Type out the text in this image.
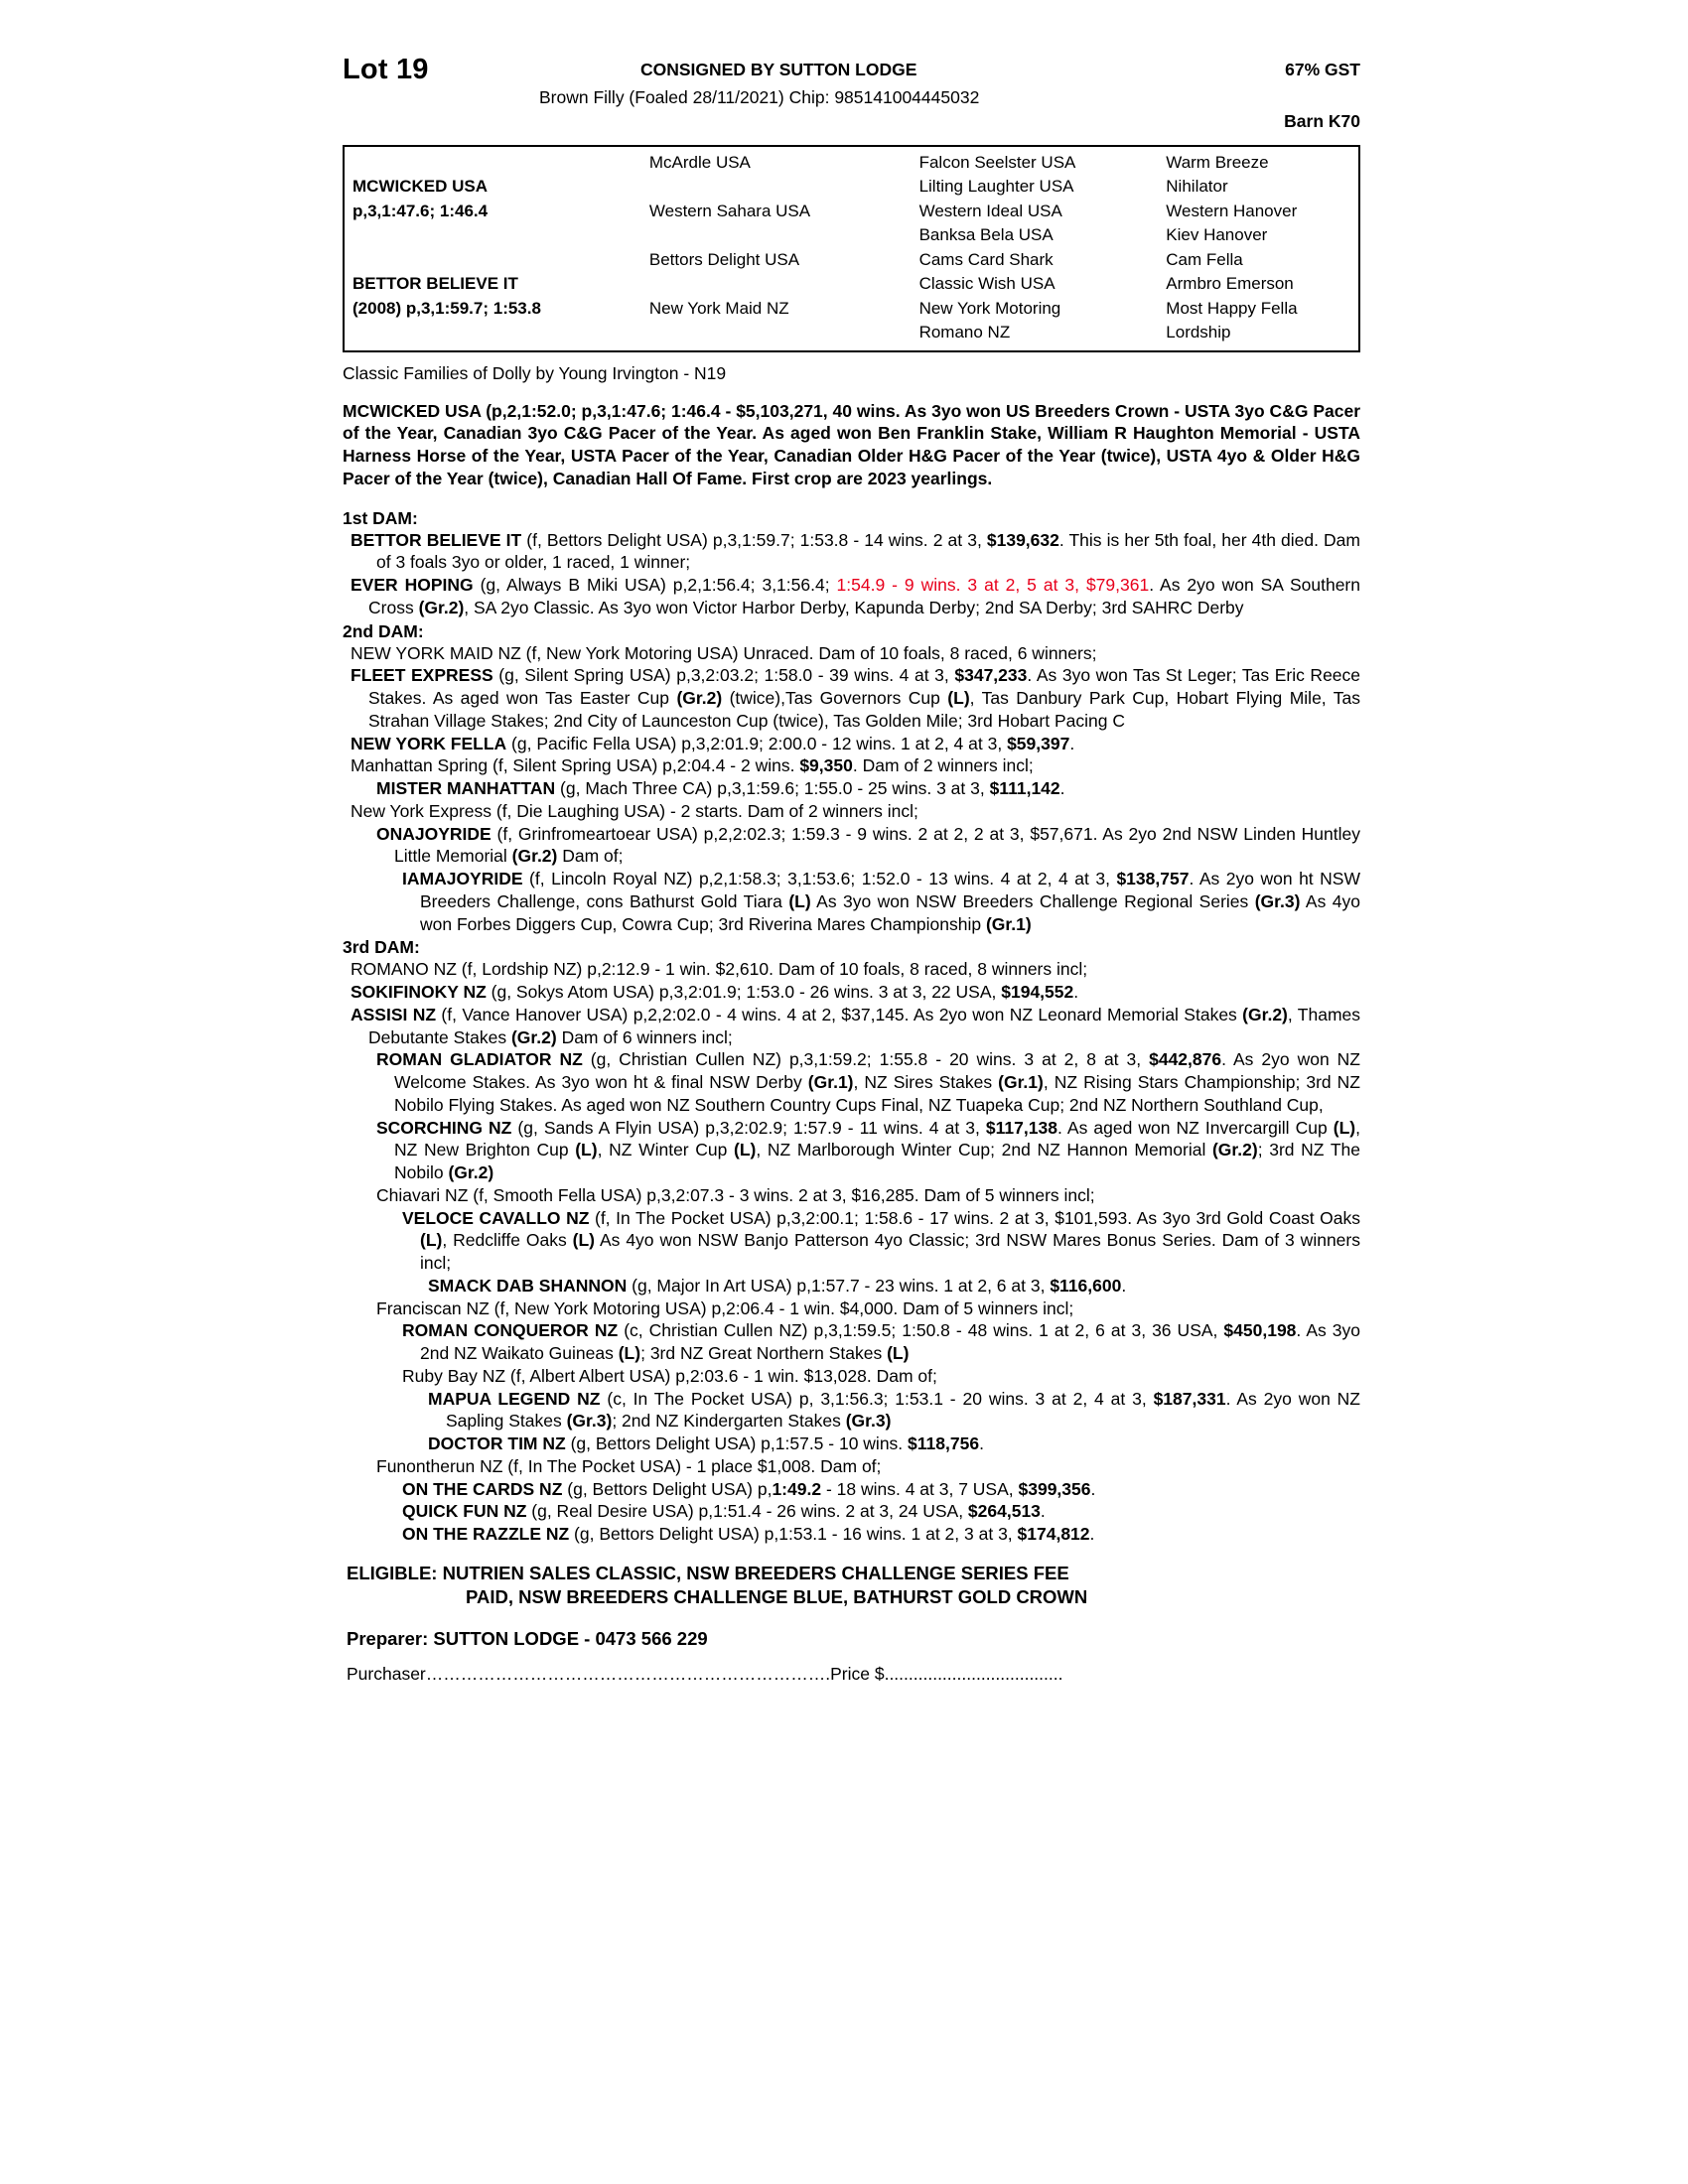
Lot 19	CONSIGNED BY SUTTON LODGE	67% GST
Brown Filly (Foaled 28/11/2021) Chip: 985141004445032
Barn K70
	McArdle USA	Falcon Seelster USA	Warm Breeze
MCWICKED USA		Lilting Laughter USA	Nihilator
p,3,1:47.6; 1:46.4	Western Sahara USA	Western Ideal USA	Western Hanover
		Banksa Bela USA	Kiev Hanover
	Bettors Delight USA	Cams Card Shark	Cam Fella
BETTOR BELIEVE IT		Classic Wish USA	Armbro Emerson
(2008) p,3,1:59.7; 1:53.8	New York Maid NZ	New York Motoring	Most Happy Fella
		Romano NZ	Lordship
Classic Families of Dolly by Young Irvington - N19
MCWICKED USA (p,2,1:52.0; p,3,1:47.6; 1:46.4 - $5,103,271, 40 wins. As 3yo won US Breeders Crown - USTA 3yo C&G Pacer of the Year, Canadian 3yo C&G Pacer of the Year. As aged won Ben Franklin Stake, William R Haughton Memorial - USTA Harness Horse of the Year, USTA Pacer of the Year, Canadian Older H&G Pacer of the Year (twice), USTA 4yo & Older H&G Pacer of the Year (twice), Canadian Hall Of Fame. First crop are 2023 yearlings.
1st DAM:
BETTOR BELIEVE IT (f, Bettors Delight USA) p,3,1:59.7; 1:53.8 - 14 wins. 2 at 3, $139,632. This is her 5th foal, her 4th died. Dam of 3 foals 3yo or older, 1 raced, 1 winner;
EVER HOPING (g, Always B Miki USA) p,2,1:56.4; 3,1:56.4; 1:54.9 - 9 wins. 3 at 2, 5 at 3, $79,361. As 2yo won SA Southern Cross (Gr.2), SA 2yo Classic. As 3yo won Victor Harbor Derby, Kapunda Derby; 2nd SA Derby; 3rd SAHRC Derby
2nd DAM:
NEW YORK MAID NZ (f, New York Motoring USA) Unraced. Dam of 10 foals, 8 raced, 6 winners;
FLEET EXPRESS (g, Silent Spring USA) p,3,2:03.2; 1:58.0 - 39 wins. 4 at 3, $347,233. As 3yo won Tas St Leger; Tas Eric Reece Stakes. As aged won Tas Easter Cup (Gr.2) (twice),Tas Governors Cup (L), Tas Danbury Park Cup, Hobart Flying Mile, Tas Strahan Village Stakes; 2nd City of Launceston Cup (twice), Tas Golden Mile; 3rd Hobart Pacing C
NEW YORK FELLA (g, Pacific Fella USA) p,3,2:01.9; 2:00.0 - 12 wins. 1 at 2, 4 at 3, $59,397.
Manhattan Spring (f, Silent Spring USA) p,2:04.4 - 2 wins. $9,350. Dam of 2 winners incl;
MISTER MANHATTAN (g, Mach Three CA) p,3,1:59.6; 1:55.0 - 25 wins. 3 at 3, $111,142.
New York Express (f, Die Laughing USA) - 2 starts. Dam of 2 winners incl;
ONAJOYRIDE (f, Grinfromeartoear USA) p,2,2:02.3; 1:59.3 - 9 wins. 2 at 2, 2 at 3, $57,671. As 2yo 2nd NSW Linden Huntley Little Memorial (Gr.2) Dam of;
IAMAJOYRIDE (f, Lincoln Royal NZ) p,2,1:58.3; 3,1:53.6; 1:52.0 - 13 wins. 4 at 2, 4 at 3, $138,757. As 2yo won ht NSW Breeders Challenge, cons Bathurst Gold Tiara (L) As 3yo won NSW Breeders Challenge Regional Series (Gr.3) As 4yo won Forbes Diggers Cup, Cowra Cup; 3rd Riverina Mares Championship (Gr.1)
3rd DAM:
ROMANO NZ (f, Lordship NZ) p,2:12.9 - 1 win. $2,610. Dam of 10 foals, 8 raced, 8 winners incl;
SOKIFINOKY NZ (g, Sokys Atom USA) p,3,2:01.9; 1:53.0 - 26 wins. 3 at 3, 22 USA, $194,552.
ASSISI NZ (f, Vance Hanover USA) p,2,2:02.0 - 4 wins. 4 at 2, $37,145. As 2yo won NZ Leonard Memorial Stakes (Gr.2), Thames Debutante Stakes (Gr.2) Dam of 6 winners incl;
ROMAN GLADIATOR NZ (g, Christian Cullen NZ) p,3,1:59.2; 1:55.8 - 20 wins. 3 at 2, 8 at 3, $442,876. As 2yo won NZ Welcome Stakes. As 3yo won ht & final NSW Derby (Gr.1), NZ Sires Stakes (Gr.1), NZ Rising Stars Championship; 3rd NZ Nobilo Flying Stakes. As aged won NZ Southern Country Cups Final, NZ Tuapeka Cup; 2nd NZ Northern Southland Cup,
SCORCHING NZ (g, Sands A Flyin USA) p,3,2:02.9; 1:57.9 - 11 wins. 4 at 3, $117,138. As aged won NZ Invercargill Cup (L), NZ New Brighton Cup (L), NZ Winter Cup (L), NZ Marlborough Winter Cup; 2nd NZ Hannon Memorial (Gr.2); 3rd NZ The Nobilo (Gr.2)
Chiavari NZ (f, Smooth Fella USA) p,3,2:07.3 - 3 wins. 2 at 3, $16,285. Dam of 5 winners incl;
VELOCE CAVALLO NZ (f, In The Pocket USA) p,3,2:00.1; 1:58.6 - 17 wins. 2 at 3, $101,593. As 3yo 3rd Gold Coast Oaks (L), Redcliffe Oaks (L) As 4yo won NSW Banjo Patterson 4yo Classic; 3rd NSW Mares Bonus Series. Dam of 3 winners incl;
SMACK DAB SHANNON (g, Major In Art USA) p,1:57.7 - 23 wins. 1 at 2, 6 at 3, $116,600.
Franciscan NZ (f, New York Motoring USA) p,2:06.4 - 1 win. $4,000. Dam of 5 winners incl;
ROMAN CONQUEROR NZ (c, Christian Cullen NZ) p,3,1:59.5; 1:50.8 - 48 wins. 1 at 2, 6 at 3, 36 USA, $450,198. As 3yo 2nd NZ Waikato Guineas (L); 3rd NZ Great Northern Stakes (L)
Ruby Bay NZ (f, Albert Albert USA) p,2:03.6 - 1 win. $13,028. Dam of;
MAPUA LEGEND NZ (c, In The Pocket USA) p, 3,1:56.3; 1:53.1 - 20 wins. 3 at 2, 4 at 3, $187,331. As 2yo won NZ Sapling Stakes (Gr.3); 2nd NZ Kindergarten Stakes (Gr.3)
DOCTOR TIM NZ (g, Bettors Delight USA) p,1:57.5 - 10 wins. $118,756.
Funontherun NZ (f, In The Pocket USA) - 1 place $1,008. Dam of;
ON THE CARDS NZ (g, Bettors Delight USA) p,1:49.2 - 18 wins. 4 at 3, 7 USA, $399,356.
QUICK FUN NZ (g, Real Desire USA) p,1:51.4 - 26 wins. 2 at 3, 24 USA, $264,513.
ON THE RAZZLE NZ (g, Bettors Delight USA) p,1:53.1 - 16 wins. 1 at 2, 3 at 3, $174,812.
ELIGIBLE: NUTRIEN SALES CLASSIC, NSW BREEDERS CHALLENGE SERIES FEE
PAID, NSW BREEDERS CHALLENGE BLUE, BATHURST GOLD CROWN
Preparer: SUTTON LODGE - 0473 566 229
Purchaser…………………………………………………………….Price $.....................................
